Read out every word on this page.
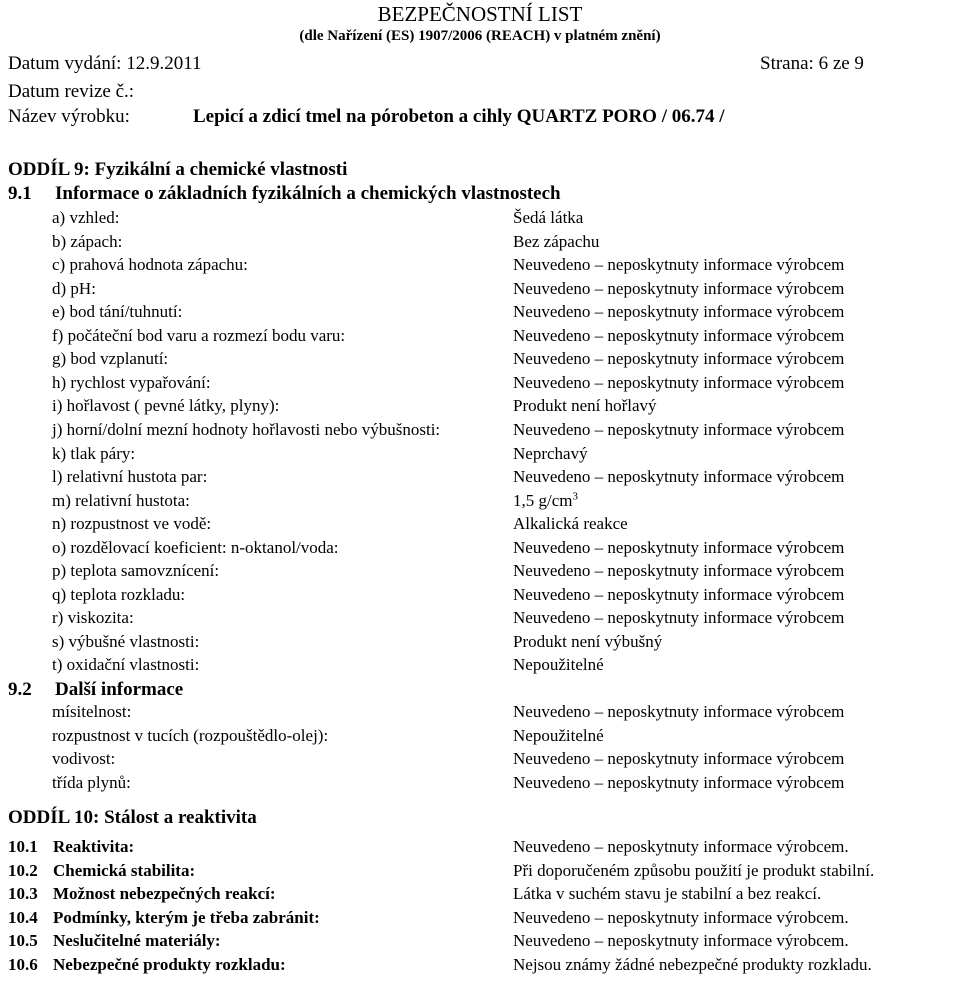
BEZPEČNOSTNÍ LIST
(dle Nařízení (ES) 1907/2006 (REACH) v platném znění)
Datum vydání: 12.9.2011	Strana: 6 ze 9
Datum revize č.:
Název výrobku:	Lepicí a zdicí tmel na pórobeton a cihly QUARTZ PORO / 06.74 /
ODDÍL 9: Fyzikální a chemické vlastnosti
9.1 Informace o základních fyzikálních a chemických vlastnostech
a) vzhled:	Šedá látka
b) zápach:	Bez zápachu
c) prahová hodnota zápachu:	Neuvedeno – neposkytnuty informace výrobcem
d) pH:	Neuvedeno – neposkytnuty informace výrobcem
e) bod tání/tuhnutí:	Neuvedeno – neposkytnuty informace výrobcem
f) počáteční bod varu a rozmezí bodu varu:	Neuvedeno – neposkytnuty informace výrobcem
g) bod vzplanutí:	Neuvedeno – neposkytnuty informace výrobcem
h) rychlost vypařování:	Neuvedeno – neposkytnuty informace výrobcem
i) hořlavost ( pevné látky, plyny):	Produkt není hořlavý
j) horní/dolní mezní hodnoty hořlavosti nebo výbušnosti:	Neuvedeno – neposkytnuty informace výrobcem
k) tlak páry:	Neprchavý
l) relativní hustota par:	Neuvedeno – neposkytnuty informace výrobcem
m) relativní hustota:	1,5 $g/cm^3$
n) rozpustnost ve vodě:	Alkalická reakce
o) rozdělovací koeficient: n-oktanol/voda:	Neuvedeno – neposkytnuty informace výrobcem
p) teplota samovznícení:	Neuvedeno – neposkytnuty informace výrobcem
q) teplota rozkladu:	Neuvedeno – neposkytnuty informace výrobcem
r) viskozita:	Neuvedeno – neposkytnuty informace výrobcem
s) výbušné vlastnosti:	Produkt není výbušný
t) oxidační vlastnosti:	Nepoužitelné
9.2 Další informace
mísitelnost:	Neuvedeno – neposkytnuty informace výrobcem
rozpustnost v tucích (rozpouštědlo-olej):	Nepoužitelné
vodivost:	Neuvedeno – neposkytnuty informace výrobcem
třída plynů:	Neuvedeno – neposkytnuty informace výrobcem
ODDÍL 10: Stálost a reaktivita
10.1 Reaktivita:	Neuvedeno – neposkytnuty informace výrobcem.
10.2 Chemická stabilita:	Při doporučeném způsobu použití je produkt stabilní.
10.3 Možnost nebezpečných reakcí:	Látka v suchém stavu je stabilní a bez reakcí.
10.4 Podmínky, kterým je třeba zabránit:	Neuvedeno – neposkytnuty informace výrobcem.
10.5 Neslučitelné materiály:	Neuvedeno – neposkytnuty informace výrobcem.
10.6 Nebezpečné produkty rozkladu:	Nejsou známy žádné nebezpečné produkty rozkladu.
